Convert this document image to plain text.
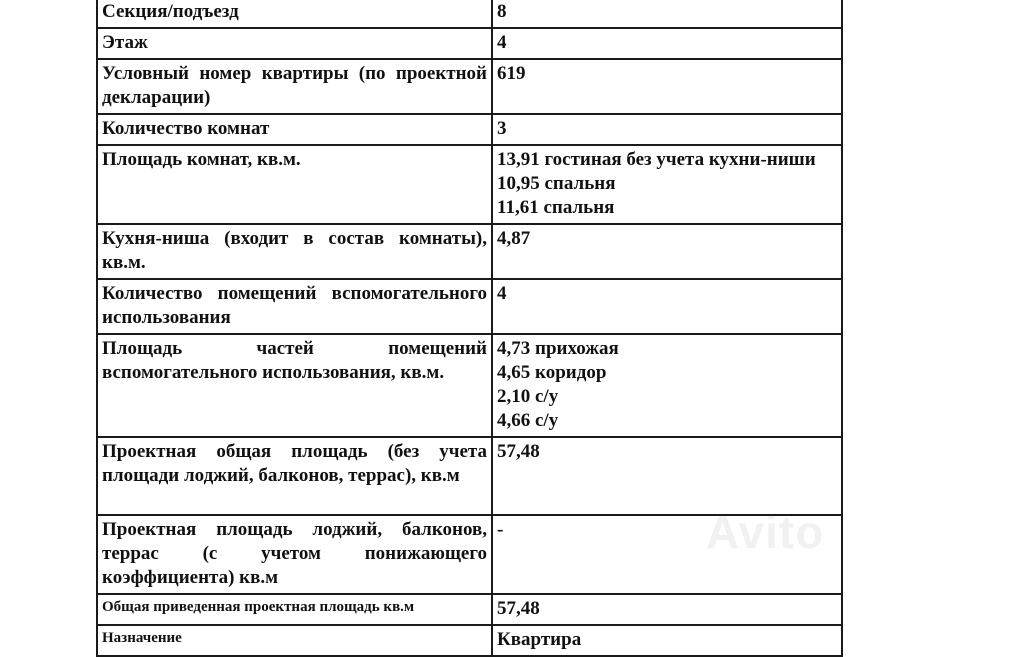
Avito
Секция/подъезд	8

Этаж	4

Условный номер квартиры (по проектной декларации)	619

Количество комнат	3

Площадь комнат, кв.м.	13,91 гостиная без учета кухни-ниши
10,95 спальня
11,61 спальня

Кухня-ниша (входит в состав комнаты), кв.м.	4,87

Количество помещений вспомогательного использования	4

Площадь частей помещений вспомогательного использования, кв.м.	4,73 прихожая
4,65 коридор
2,10 с/у
4,66 с/у

Проектная общая площадь (без учета площади лоджий, балконов, террас), кв.м	57,48

Проектная площадь лоджий, балконов, террас (с учетом понижающего коэффициента) кв.м	-

Общая приведенная проектная площадь кв.м	57,48

Назначение	Квартира
